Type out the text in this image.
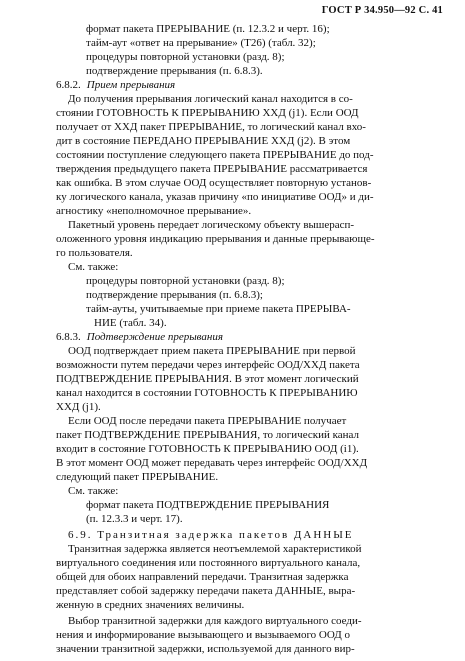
ГОСТ Р 34.950—92 С. 41
формат пакета ПРЕРЫВАНИЕ (п. 12.3.2 и черт. 16);
тайм-аут «ответ на прерывание» (Т26) (табл. 32);
процедуры повторной установки (разд. 8);
подтверждение прерывания (п. 6.8.3).
6.8.2. Прием прерывания
До получения прерывания логический канал находится в со-
стоянии ГОТОВНОСТЬ К ПРЕРЫВАНИЮ ХХД (j1). Если ООД
получает от ХХД пакет ПРЕРЫВАНИЕ, то логический канал вхо-
дит в состояние ПЕРЕДАНО ПРЕРЫВАНИЕ ХХД (j2). В этом
состоянии поступление следующего пакета ПРЕРЫВАНИЕ до под-
тверждения предыдущего пакета ПРЕРЫВАНИЕ рассматривается
как ошибка. В этом случае ООД осуществляет повторную установ-
ку логического канала, указав причину «по инициативе ООД» и ди-
агностику «неполномочное прерывание».
Пакетный уровень передает логическому объекту вышерасп-
оложенного уровня индикацию прерывания и данные прерывающе-
го пользователя.
См. также:
процедуры повторной установки (разд. 8);
подтверждение прерывания (п. 6.8.3);
тайм-ауты, учитываемые при приеме пакета ПРЕРЫВА-
НИЕ (табл. 34).
6.8.3. Подтверждение прерывания
ООД подтверждает прием пакета ПРЕРЫВАНИЕ при первой
возможности путем передачи через интерфейс ООД/ХХД пакета
ПОДТВЕРЖДЕНИЕ ПРЕРЫВАНИЯ. В этот момент логический
канал находится в состоянии ГОТОВНОСТЬ К ПРЕРЫВАНИЮ
ХХД (j1).
Если ООД после передачи пакета ПРЕРЫВАНИЕ получает
пакет ПОДТВЕРЖДЕНИЕ ПРЕРЫВАНИЯ, то логический канал
входит в состояние ГОТОВНОСТЬ К ПРЕРЫВАНИЮ ООД (i1).
В этот момент ООД может передавать через интерфейс ООД/ХХД
следующий пакет ПРЕРЫВАНИЕ.
См. также:
формат пакета ПОДТВЕРЖДЕНИЕ ПРЕРЫВАНИЯ
(п. 12.3.3 и черт. 17).
6.9. Транзитная задержка пакетов ДАННЫЕ
Транзитная задержка является неотъемлемой характеристикой
виртуального соединения или постоянного виртуального канала,
общей для обоих направлений передачи. Транзитная задержка
представляет собой задержку передачи пакета ДАННЫЕ, выра-
женную в средних значениях величины.
Выбор транзитной задержки для каждого виртуального соеди-
нения и информирование вызывающего и вызываемого ООД о
значении транзитной задержки, используемой для данного вир-
